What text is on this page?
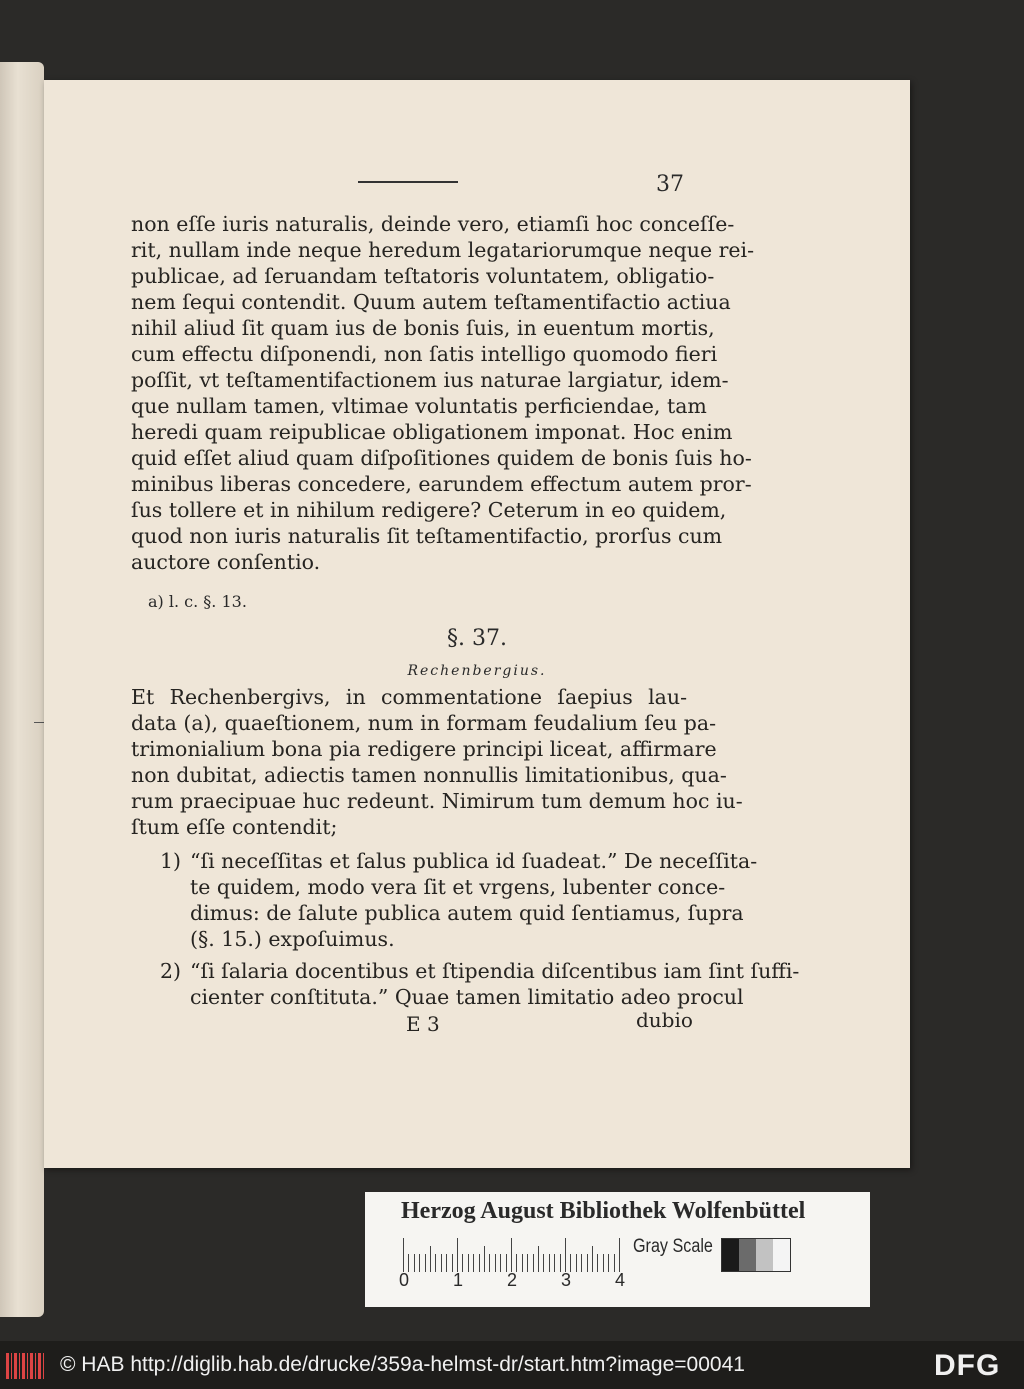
37
non eſſe iuris naturalis, deinde vero, etiamſi hoc conceſſe-
rit, nullam inde neque heredum legatariorumque neque rei-
publicae, ad ſeruandam teſtatoris voluntatem, obligatio-
nem ſequi contendit. Quum autem teſtamentifactio actiua
nihil aliud ſit quam ius de bonis ſuis, in euentum mortis,
cum effectu diſponendi, non ſatis intelligo quomodo fieri
poſſit, vt teſtamentifactionem ius naturae largiatur, idem-
que nullam tamen, vltimae voluntatis perficiendae, tam
heredi quam reipublicae obligationem imponat. Hoc enim
quid eſſet aliud quam diſpoſitiones quidem de bonis ſuis ho-
minibus liberas concedere, earundem effectum autem pror-
ſus tollere et in nihilum redigere? Ceterum in eo quidem,
quod non iuris naturalis ſit teſtamentifactio, prorſus cum
auctore conſentio.
a) l. c. §. 13.
§. 37.
Rechenbergius.
Et Rechenbergivs, in commentatione ſaepius lau-
data (a), quaeſtionem, num in formam feudalium ſeu pa-
trimonialium bona pia redigere principi liceat, affirmare
non dubitat, adiectis tamen nonnullis limitationibus, qua-
rum praecipuae huc redeunt. Nimirum tum demum hoc iu-
ſtum eſſe contendit;
1) “ſi neceſſitas et ſalus publica id ſuadeat.” De neceſſita-
te quidem, modo vera ſit et vrgens, lubenter conce-
dimus: de ſalute publica autem quid ſentiamus, ſupra
(§. 15.) expoſuimus.
2) “ſi ſalaria docentibus et ſtipendia diſcentibus iam ſint ſuffi-
cienter conſtituta.” Quae tamen limitatio adeo procul
E 3	dubio
Herzog August Bibliothek Wolfenbüttel
0 1 2 3 4
Gray Scale
© HAB http://diglib.hab.de/drucke/359a-helmst-dr/start.htm?image=00041	DFG
